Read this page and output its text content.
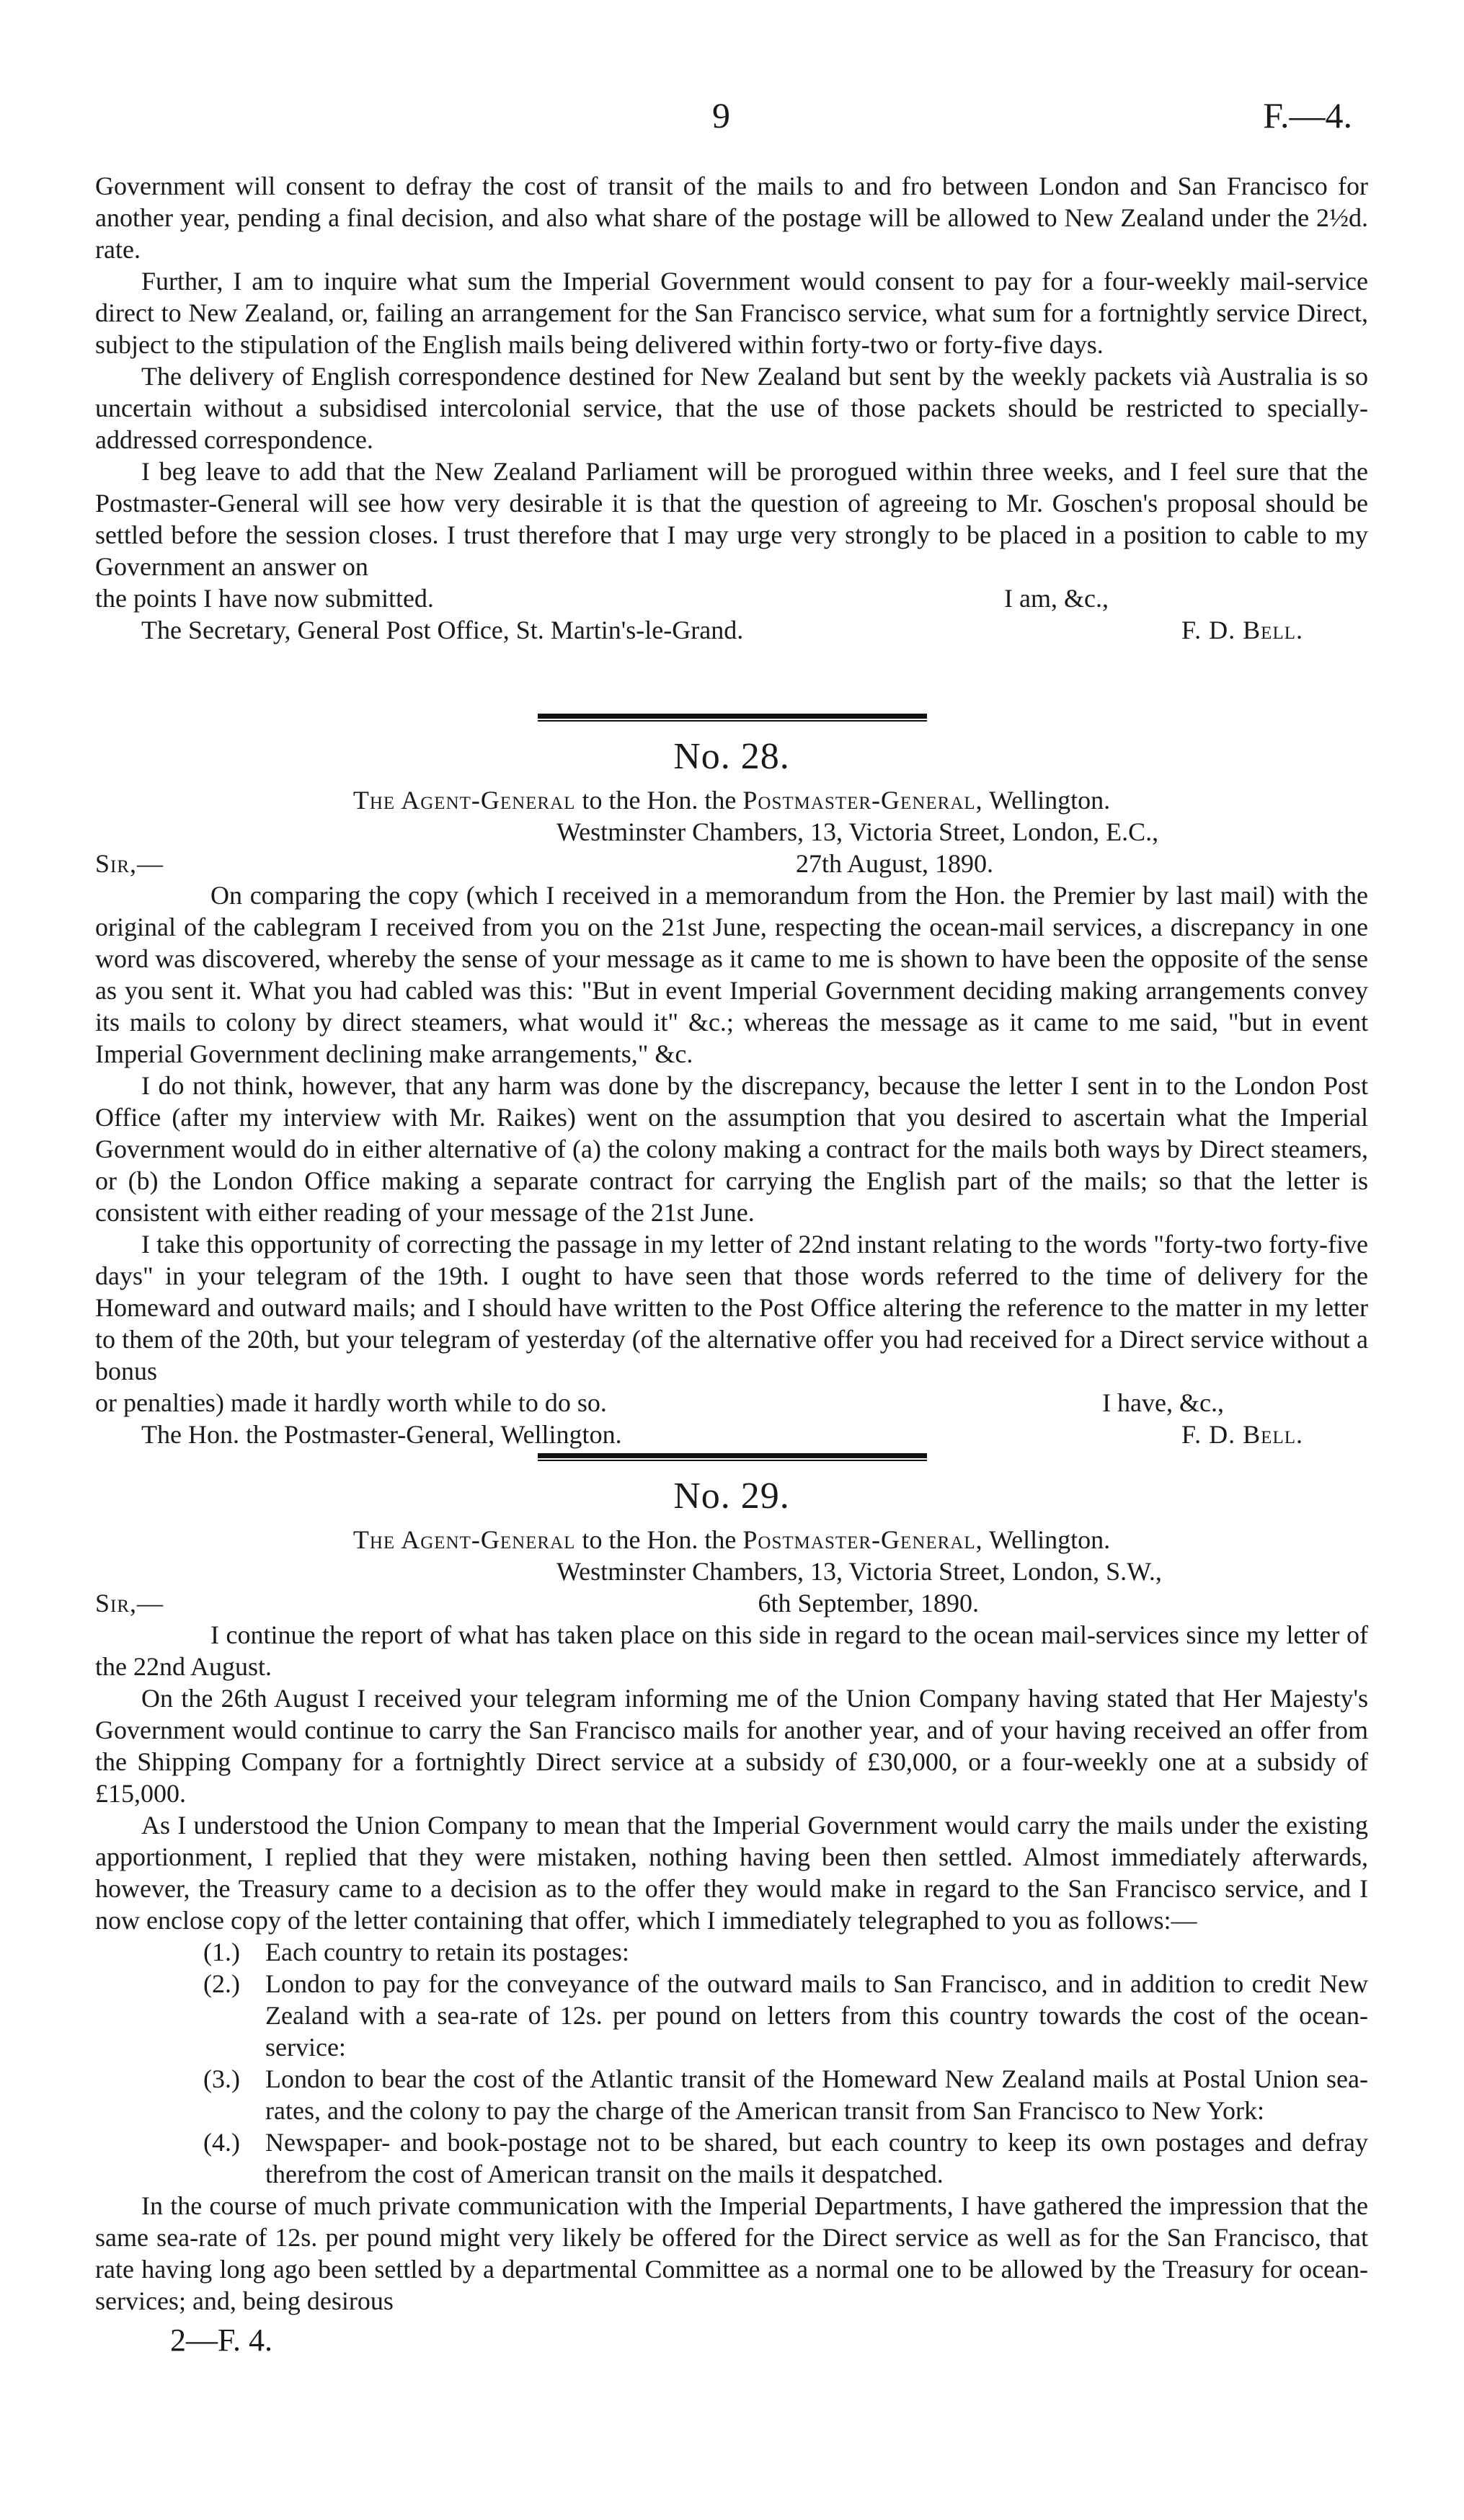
9	F.—4.

Government will consent to defray the cost of transit of the mails to and fro between London and San Francisco for another year, pending a final decision, and also what share of the postage will be allowed to New Zealand under the 2½d. rate.

Further, I am to inquire what sum the Imperial Government would consent to pay for a four-weekly mail-service direct to New Zealand, or, failing an arrangement for the San Francisco service, what sum for a fortnightly service Direct, subject to the stipulation of the English mails being delivered within forty-two or forty-five days.

The delivery of English correspondence destined for New Zealand but sent by the weekly packets vià Australia is so uncertain without a subsidised intercolonial service, that the use of those packets should be restricted to specially-addressed correspondence.

I beg leave to add that the New Zealand Parliament will be prorogued within three weeks, and I feel sure that the Postmaster-General will see how very desirable it is that the question of agreeing to Mr. Goschen's proposal should be settled before the session closes. I trust therefore that I may urge very strongly to be placed in a position to cable to my Government an answer on

the points I have now submitted.	I am, &c.,
The Secretary, General Post Office, St. Martin's-le-Grand.	F. D. Bell.
No. 28.
The Agent-General to the Hon. the Postmaster-General, Wellington.
Westminster Chambers, 13, Victoria Street, London, E.C.,
Sir,—	27th August, 1890.

On comparing the copy (which I received in a memorandum from the Hon. the Premier by last mail) with the original of the cablegram I received from you on the 21st June, respecting the ocean-mail services, a discrepancy in one word was discovered, whereby the sense of your message as it came to me is shown to have been the opposite of the sense as you sent it. What you had cabled was this: "But in event Imperial Government deciding making arrangements convey its mails to colony by direct steamers, what would it" &c.; whereas the message as it came to me said, "but in event Imperial Government declining make arrangements," &c.

I do not think, however, that any harm was done by the discrepancy, because the letter I sent in to the London Post Office (after my interview with Mr. Raikes) went on the assumption that you desired to ascertain what the Imperial Government would do in either alternative of (a) the colony making a contract for the mails both ways by Direct steamers, or (b) the London Office making a separate contract for carrying the English part of the mails; so that the letter is consistent with either reading of your message of the 21st June.

I take this opportunity of correcting the passage in my letter of 22nd instant relating to the words "forty-two forty-five days" in your telegram of the 19th. I ought to have seen that those words referred to the time of delivery for the Homeward and outward mails; and I should have written to the Post Office altering the reference to the matter in my letter to them of the 20th, but your telegram of yesterday (of the alternative offer you had received for a Direct service without a bonus

or penalties) made it hardly worth while to do so.	I have, &c.,
The Hon. the Postmaster-General, Wellington.	F. D. Bell.
No. 29.
The Agent-General to the Hon. the Postmaster-General, Wellington.
Westminster Chambers, 13, Victoria Street, London, S.W.,
Sir,—	6th September, 1890.

I continue the report of what has taken place on this side in regard to the ocean mail-services since my letter of the 22nd August.

On the 26th August I received your telegram informing me of the Union Company having stated that Her Majesty's Government would continue to carry the San Francisco mails for another year, and of your having received an offer from the Shipping Company for a fortnightly Direct service at a subsidy of £30,000, or a four-weekly one at a subsidy of £15,000.

As I understood the Union Company to mean that the Imperial Government would carry the mails under the existing apportionment, I replied that they were mistaken, nothing having been then settled. Almost immediately afterwards, however, the Treasury came to a decision as to the offer they would make in regard to the San Francisco service, and I now enclose copy of the letter containing that offer, which I immediately telegraphed to you as follows:—

(1.) Each country to retain its postages:
(2.) London to pay for the conveyance of the outward mails to San Francisco, and in addition to credit New Zealand with a sea-rate of 12s. per pound on letters from this country towards the cost of the ocean-service:
(3.) London to bear the cost of the Atlantic transit of the Homeward New Zealand mails at Postal Union sea-rates, and the colony to pay the charge of the American transit from San Francisco to New York:
(4.) Newspaper- and book-postage not to be shared, but each country to keep its own postages and defray therefrom the cost of American transit on the mails it despatched.

In the course of much private communication with the Imperial Departments, I have gathered the impression that the same sea-rate of 12s. per pound might very likely be offered for the Direct service as well as for the San Francisco, that rate having long ago been settled by a departmental Committee as a normal one to be allowed by the Treasury for ocean-services; and, being desirous

2—F. 4.
